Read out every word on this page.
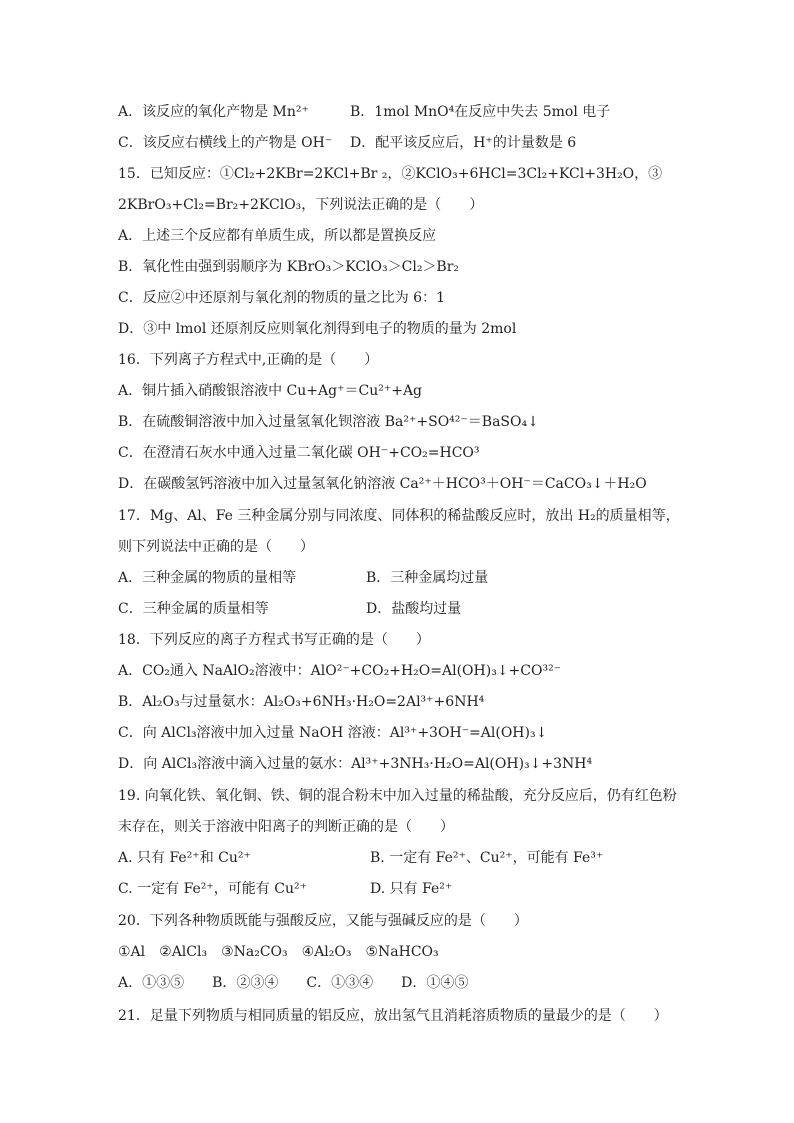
A．该反应的氧化产物是 Mn²⁺	B．1mol MnO⁴在反应中失去 5mol 电子
C．该反应右横线上的产物是 OH⁻ D．配平该反应后，H⁺的计量数是 6
15．已知反应：①Cl₂+2KBr=2KCl+Br ₂，②KClO₃+6HCl=3Cl₂+KCl+3H₂O，③
2KBrO₃+Cl₂=Br₂+2KClO₃，下列说法正确的是（　　）
A．上述三个反应都有单质生成，所以都是置换反应
B．氧化性由强到弱顺序为 KBrO₃＞KClO₃＞Cl₂＞Br₂
C．反应②中还原剂与氧化剂的物质的量之比为 6：1
D．③中 lmol 还原剂反应则氧化剂得到电子的物质的量为 2mol
16．下列离子方程式中,正确的是（　　）
A．铜片插入硝酸银溶液中 Cu+Ag⁺＝Cu²⁺+Ag
B．在硫酸铜溶液中加入过量氢氧化钡溶液 Ba²⁺+SO⁴²⁻＝BaSO₄↓
C．在澄清石灰水中通入过量二氧化碳 OH⁻+CO₂=HCO³
D．在碳酸氢钙溶液中加入过量氢氧化钠溶液 Ca²⁺＋HCO³＋OH⁻＝CaCO₃↓＋H₂O
17．Mg、Al、Fe 三种金属分别与同浓度、同体积的稀盐酸反应时，放出 H₂的质量相等，
则下列说法中正确的是（　　）
A．三种金属的物质的量相等	B．三种金属均过量
C．三种金属的质量相等	D．盐酸均过量
18．下列反应的离子方程式书写正确的是（　　）
A．CO₂通入 NaAlO₂溶液中：AlO²⁻+CO₂+H₂O=Al(OH)₃↓+CO³²⁻
B．Al₂O₃与过量氨水：Al₂O₃+6NH₃·H₂O=2Al³⁺+6NH⁴
C．向 AlCl₃溶液中加入过量 NaOH 溶液：Al³⁺+3OH⁻=Al(OH)₃↓
D．向 AlCl₃溶液中滴入过量的氨水：Al³⁺+3NH₃·H₂O=Al(OH)₃↓+3NH⁴
19. 向氧化铁、氧化铜、铁、铜的混合粉末中加入过量的稀盐酸，充分反应后，仍有红色粉
末存在，则关于溶液中阳离子的判断正确的是（　　）
A. 只有 Fe²⁺和 Cu²⁺	B. 一定有 Fe²⁺、Cu²⁺，可能有 Fe³⁺
C. 一定有 Fe²⁺，可能有 Cu²⁺	D. 只有 Fe²⁺
20．下列各种物质既能与强酸反应，又能与强碱反应的是（　　）
①Al　②AlCl₃　③Na₂CO₃　④Al₂O₃　⑤NaHCO₃
A．①③⑤　　B．②③④　　C．①③④　　D．①④⑤
21．足量下列物质与相同质量的铝反应，放出氢气且消耗溶质物质的量最少的是（　　）
